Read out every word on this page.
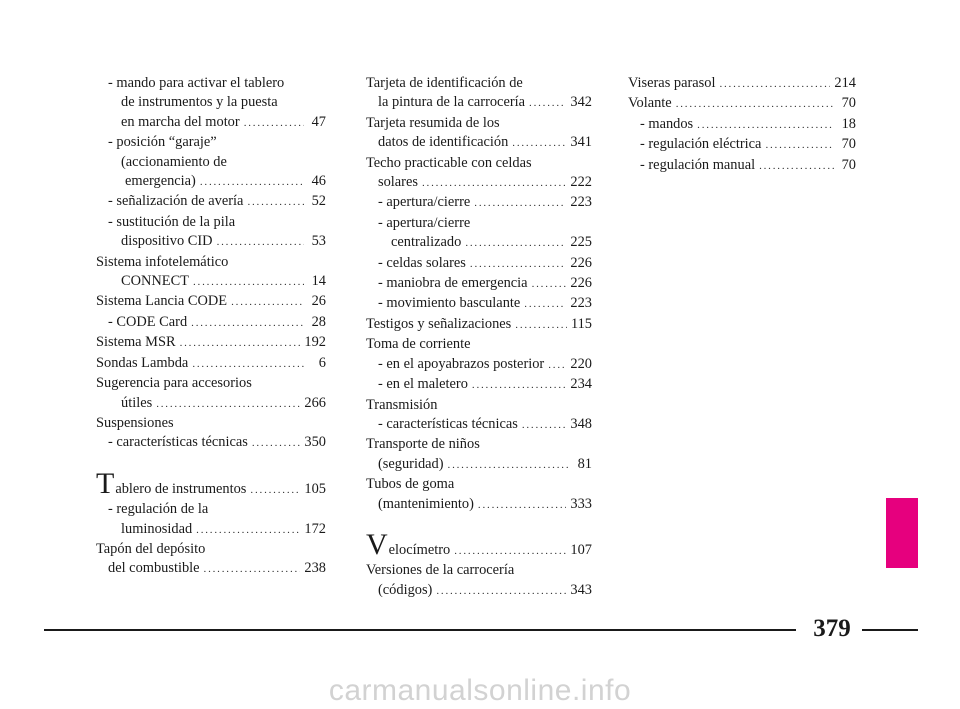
- mando para activar el tablero
de instrumentos y la puesta
en marcha del motor .....	47
- posición “garaje”
(accionamiento de
emergencia) .....	46
- señalización de avería .....	52
- sustitución de la pila
dispositivo CID .....	53
Sistema infotelemático
CONNECT .....	14
Sistema Lancia CODE .....	26
- CODE Card .....	28
Sistema MSR .....	192
Sondas Lambda .....	6
Sugerencia para accesorios
útiles .....	266
Suspensiones
- características técnicas .....	350
Tablero de instrumentos .....	105
- regulación de la
luminosidad .....	172
Tapón del depósito
del combustible .....	238
Tarjeta de identificación de
la pintura de la carrocería .....	342
Tarjeta resumida de los
datos de identificación .....	341
Techo practicable con celdas
solares .....	222
- apertura/cierre .....	223
- apertura/cierre
centralizado .....	225
- celdas solares .....	226
- maniobra de emergencia .....	226
- movimiento basculante .....	223
Testigos y señalizaciones .....	115
Toma de corriente
- en el apoyabrazos posterior ..... 220
- en el maletero .....	234
Transmisión
- características técnicas .....	348
Transporte de niños
(seguridad) .....	81
Tubos de goma
(mantenimiento) .....	333
Velocímetro .....	107
Versiones de la carrocería
(códigos) .....	343
Viseras parasol .....	214
Volante .....	70
- mandos .....	18
- regulación eléctrica .....	70
- regulación manual .....	70
379
carmanualsonline.info
